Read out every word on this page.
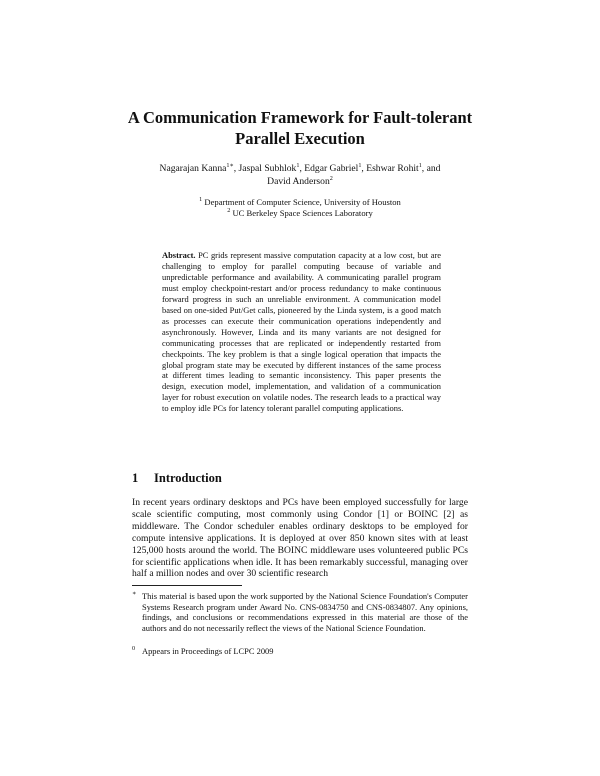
A Communication Framework for Fault-tolerant
Parallel Execution
Nagarajan Kanna$^{1∗}$, Jaspal Subhlok$^1$, Edgar Gabriel$^1$, Eshwar Rohit$^1$, and
David Anderson$^2$
$^1$ Department of Computer Science, University of Houston
$^2$ UC Berkeley Space Sciences Laboratory

Abstract. PC grids represent massive computation capacity at a low cost, but are challenging to employ for parallel computing because of variable and unpredictable performance and availability. A communicating parallel program must employ checkpoint-restart and/or process redundancy to make continuous forward progress in such an unreliable environment. A communication model based on one-sided Put/Get calls, pioneered by the Linda system, is a good match as processes can execute their communication operations independently and asynchronously. However, Linda and its many variants are not designed for communicating processes that are replicated or independently restarted from checkpoints. The key problem is that a single logical operation that impacts the global program state may be executed by different instances of the same process at different times leading to semantic inconsistency. This paper presents the design, execution model, implementation, and validation of a communication layer for robust execution on volatile nodes. The research leads to a practical way to employ idle PCs for latency tolerant parallel computing applications.

1 Introduction

In recent years ordinary desktops and PCs have been employed successfully for large scale scientific computing, most commonly using Condor [1] or BOINC [2] as middleware. The Condor scheduler enables ordinary desktops to be employed for compute intensive applications. It is deployed at over 850 known sites with at least 125,000 hosts around the world. The BOINC middleware uses volunteered public PCs for scientific applications when idle. It has been remarkably successful, managing over half a million nodes and over 30 scientific research

∗ This material is based upon the work supported by the National Science Foundation's Computer Systems Research program under Award No. CNS-0834750 and CNS-0834807. Any opinions, findings, and conclusions or recommendations expressed in this material are those of the authors and do not necessarily reflect the views of the National Science Foundation.
0 Appears in Proceedings of LCPC 2009
